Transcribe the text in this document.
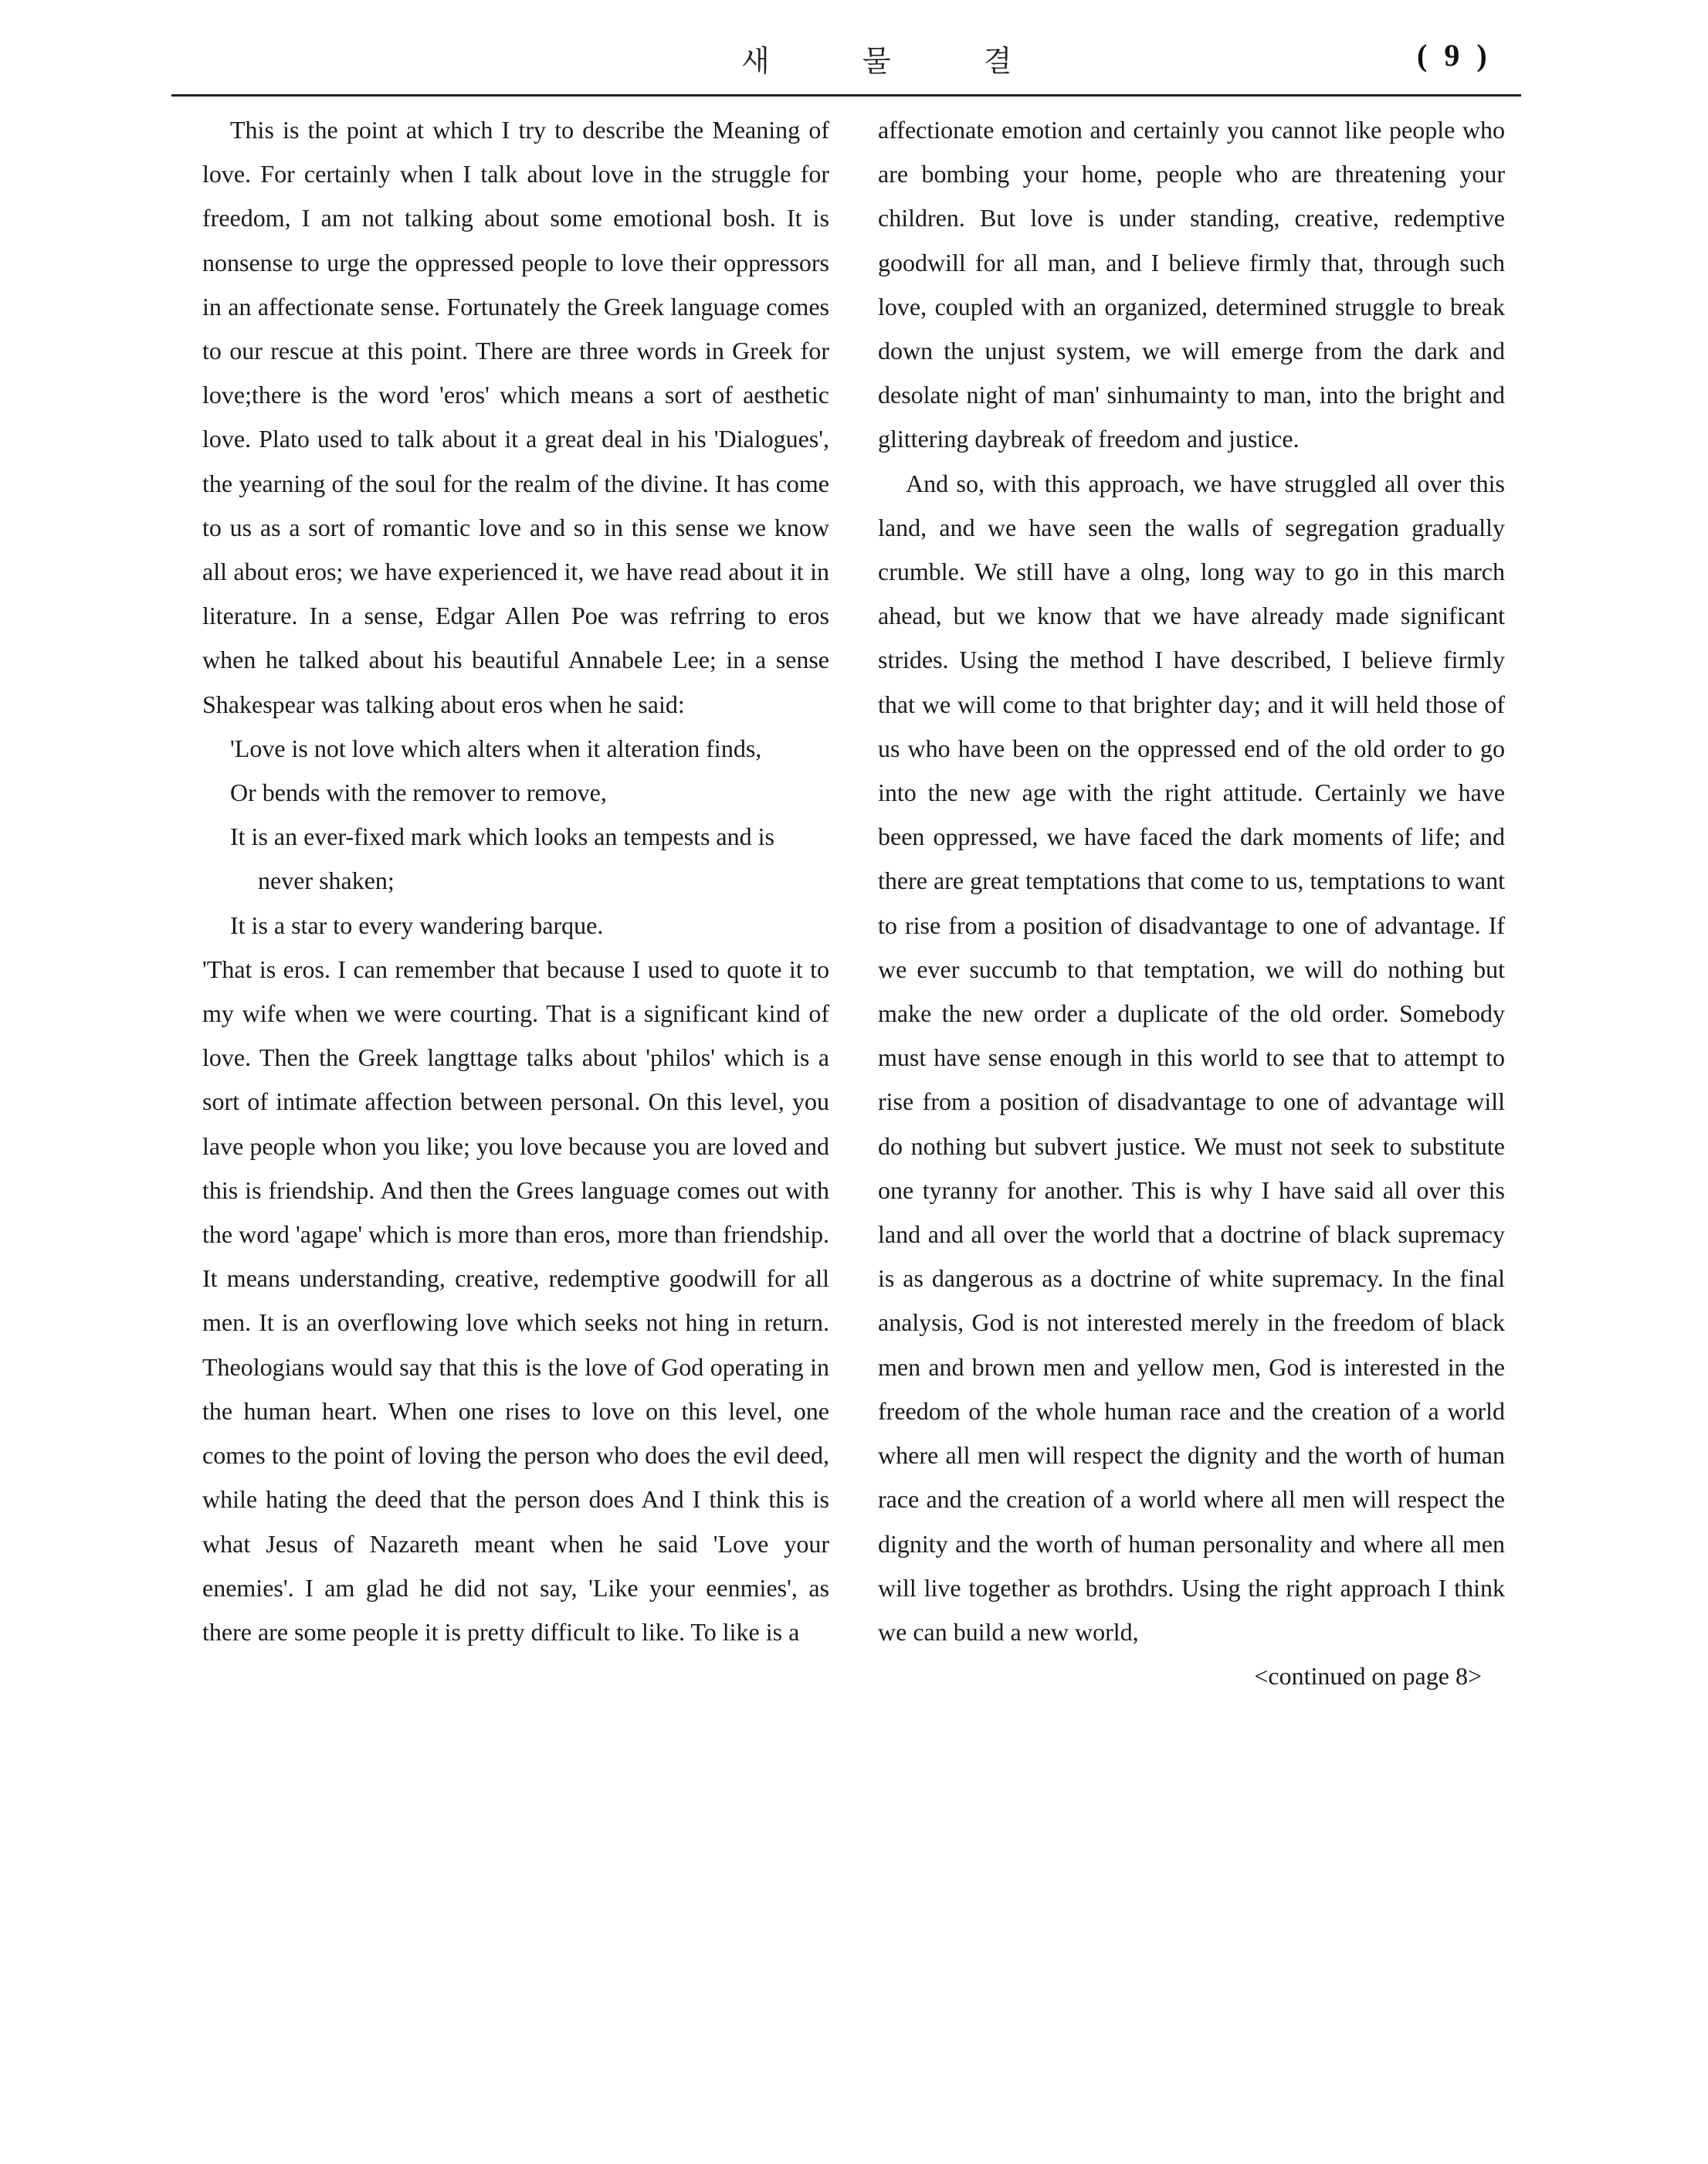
새 물 결	( 9 )

This is the point at which I try to describe the Meaning of love. For certainly when I talk about love in the struggle for freedom, I am not talking about some emotional bosh. It is nonsense to urge the oppressed people to love their oppressors in an affectionate sense. Fortunately the Greek language comes to our rescue at this point. There are three words in Greek for love;there is the word 'eros' which means a sort of aesthetic love. Plato used to talk about it a great deal in his 'Dialogues', the yearning of the soul for the realm of the divine. It has come to us as a sort of romantic love and so in this sense we know all about eros; we have experienced it, we have read about it in literature. In a sense, Edgar Allen Poe was refrring to eros when he talked about his beautiful Annabele Lee; in a sense Shakespear was talking about eros when he said:

'Love is not love which alters when it alteration finds,
Or bends with the remover to remove,
It is an ever-fixed mark which looks an tempests and is never shaken;
It is a star to every wandering barque.

'That is eros. I can remember that because I used to quote it to my wife when we were courting. That is a significant kind of love. Then the Greek langttage talks about 'philos' which is a sort of intimate affection between personal. On this level, you lave people whon you like; you love because you are loved and this is friendship. And then the Grees language comes out with the word 'agape' which is more than eros, more than friendship. It means understanding, creative, redemptive goodwill for all men. It is an overflowing love which seeks not hing in return. Theologians would say that this is the love of God operating in the human heart. When one rises to love on this level, one comes to the point of loving the person who does the evil deed, while hating the deed that the person does And I think this is what Jesus of Nazareth meant when he said 'Love your enemies'. I am glad he did not say, 'Like your eenmies', as there are some people it is pretty difficult to like. To like is a

affectionate emotion and certainly you cannot like people who are bombing your home, people who are threatening your children. But love is under standing, creative, redemptive goodwill for all man, and I believe firmly that, through such love, coupled with an organized, determined struggle to break down the unjust system, we will emerge from the dark and desolate night of man' sinhumainty to man, into the bright and glittering daybreak of freedom and justice.

And so, with this approach, we have struggled all over this land, and we have seen the walls of segregation gradually crumble. We still have a olng, long way to go in this march ahead, but we know that we have already made significant strides. Using the method I have described, I believe firmly that we will come to that brighter day; and it will held those of us who have been on the oppressed end of the old order to go into the new age with the right attitude. Certainly we have been oppressed, we have faced the dark moments of life; and there are great temptations that come to us, temptations to want to rise from a position of disadvantage to one of advantage. If we ever succumb to that temptation, we will do nothing but make the new order a duplicate of the old order. Somebody must have sense enough in this world to see that to attempt to rise from a position of disadvantage to one of advantage will do nothing but subvert justice. We must not seek to substitute one tyranny for another. This is why I have said all over this land and all over the world that a doctrine of black supremacy is as dangerous as a doctrine of white supremacy. In the final analysis, God is not interested merely in the freedom of black men and brown men and yellow men, God is interested in the freedom of the whole human race and the creation of a world where all men will respect the dignity and the worth of human race and the creation of a world where all men will respect the dignity and the worth of human personality and where all men will live together as brothdrs. Using the right approach I think we can build a new world,

<continued on page 8>
